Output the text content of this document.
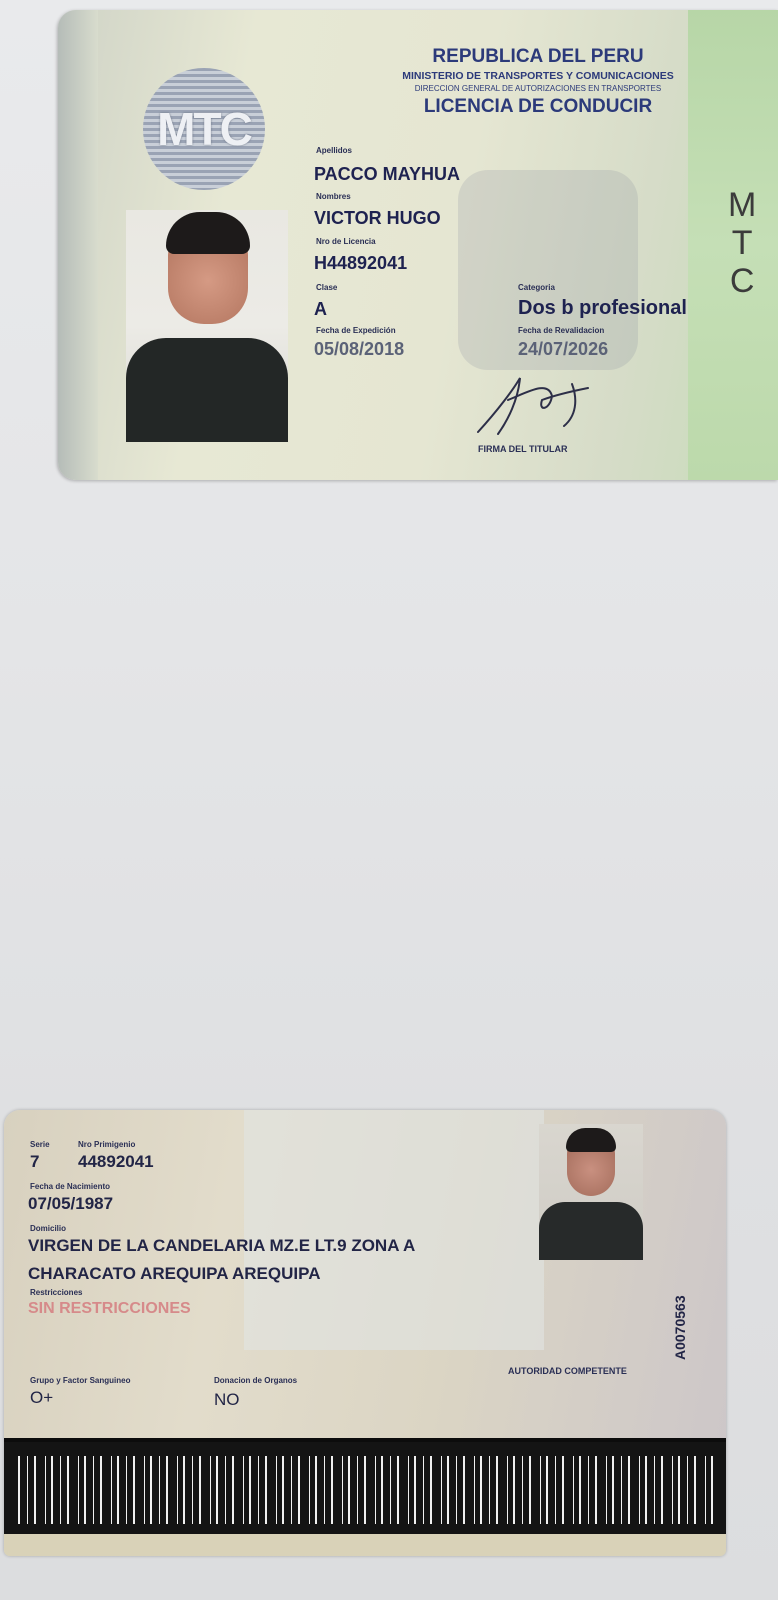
MTC
REPUBLICA DEL PERU
MINISTERIO DE TRANSPORTES Y COMUNICACIONES
DIRECCION GENERAL DE AUTORIZACIONES EN TRANSPORTES
LICENCIA DE CONDUCIR
Apellidos
PACCO MAYHUA
Nombres
VICTOR HUGO
Nro de Licencia
H44892041
Clase
A
Categoria
Dos b profesional
Fecha de Expedición
05/08/2018
Fecha de Revalidacion
24/07/2026
FIRMA DEL TITULAR
M
T
C
Serie
7
Nro Primigenio
44892041
Fecha de Nacimiento
07/05/1987
Domicilio
VIRGEN DE LA CANDELARIA MZ.E LT.9 ZONA A
CHARACATO AREQUIPA AREQUIPA
Restricciones
SIN RESTRICCIONES	A0070563
AUTORIDAD COMPETENTE
Grupo y Factor Sanguineo
O+
Donacion de Organos
NO
